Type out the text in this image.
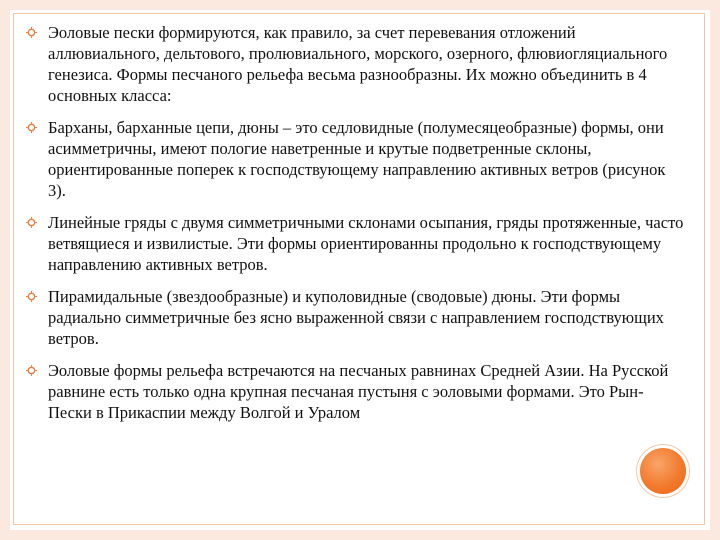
Эоловые пески формируются, как правило, за счет перевевания отложений аллювиального, дельтового, пролювиального, морского, озерного, флювиогляциального генезиса. Формы песчаного рельефа весьма разнообразны. Их можно объединить в 4 основных класса:
Барханы, барханные цепи, дюны – это седловидные (полумесяцеобразные) формы, они асимметричны, имеют пологие наветренные и крутые подветренные склоны, ориентированные поперек к господствующему направлению активных ветров (рисунок 3).
Линейные гряды с двумя симметричными склонами осыпания, гряды протяженные, часто ветвящиеся и извилистые. Эти формы ориентированны продольно к господствующему направлению активных ветров.
Пирамидальные (звездообразные) и куполовидные (сводовые) дюны. Эти формы радиально симметричные без ясно выраженной связи с направлением господствующих ветров.
Эоловые формы рельефа встречаются на песчаных равнинах Средней Азии. На Русской равнине есть только одна крупная песчаная пустыня с эоловыми формами. Это Рын-Пески в Прикаспии между Волгой и Уралом
